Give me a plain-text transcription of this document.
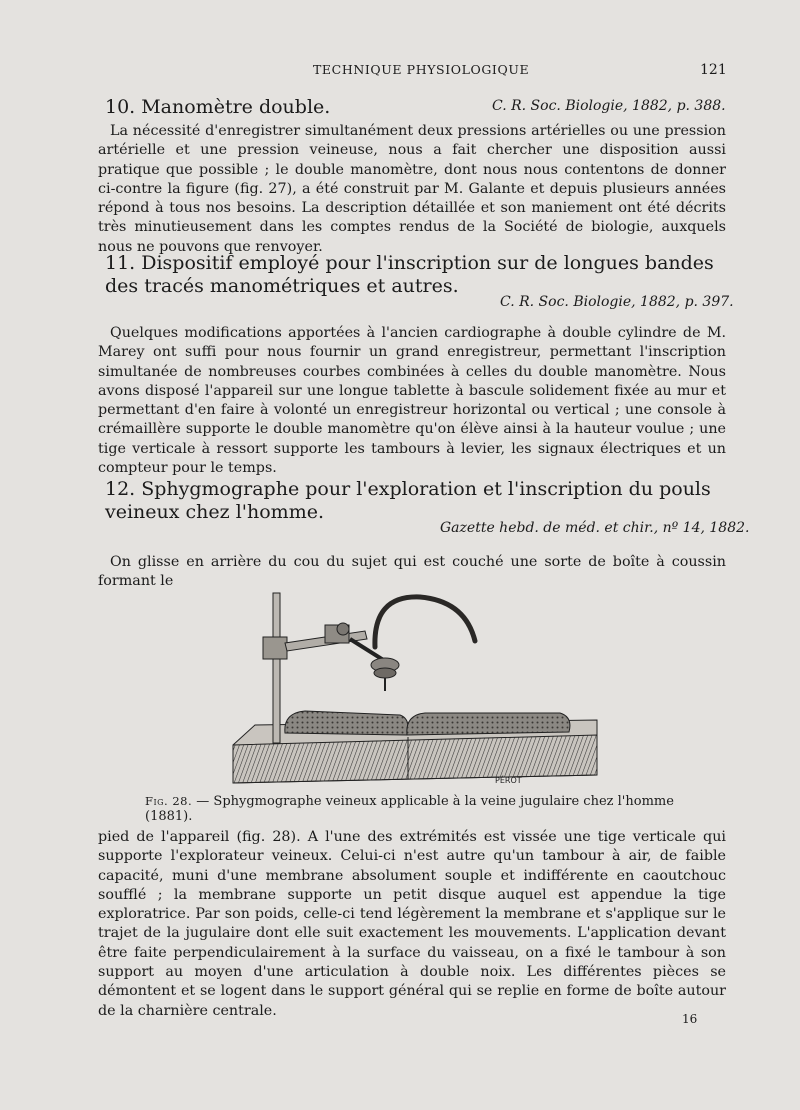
TECHNIQUE PHYSIOLOGIQUE	121
10. Manomètre double.	C. R. Soc. Biologie, 1882, p. 388.

La nécessité d'enregistrer simultanément deux pressions artérielles ou une pression artérielle et une pression veineuse, nous a fait chercher une disposition aussi pratique que possible ; le double manomètre, dont nous nous contentons de donner ci-contre la figure (fig. 27), a été construit par M. Galante et depuis plusieurs années répond à tous nos besoins. La description détaillée et son maniement ont été décrits très minutieusement dans les comptes rendus de la Société de biologie, auxquels nous ne pouvons que renvoyer.

11. Dispositif employé pour l'inscription sur de longues bandes des tracés manométriques et autres.
C. R. Soc. Biologie, 1882, p. 397.

Quelques modifications apportées à l'ancien cardiographe à double cylindre de M. Marey ont suffi pour nous fournir un grand enregistreur, permettant l'inscription simultanée de nombreuses courbes combinées à celles du double manomètre. Nous avons disposé l'appareil sur une longue tablette à bascule solidement fixée au mur et permettant d'en faire à volonté un enregistreur horizontal ou vertical ; une console à crémaillère supporte le double manomètre qu'on élève ainsi à la hauteur voulue ; une tige verticale à ressort supporte les tambours à levier, les signaux électriques et un compteur pour le temps.

12. Sphygmographe pour l'exploration et l'inscription du pouls veineux chez l'homme.
Gazette hebd. de méd. et chir., nº 14, 1882.

On glisse en arrière du cou du sujet qui est couché une sorte de boîte à coussin formant le

PÉROT
Fig. 28. — Sphygmographe veineux applicable à la veine jugulaire chez l'homme (1881).

pied de l'appareil (fig. 28). A l'une des extrémités est vissée une tige verticale qui supporte l'explorateur veineux. Celui-ci n'est autre qu'un tambour à air, de faible capacité, muni d'une membrane absolument souple et indifférente en caoutchouc soufflé ; la membrane supporte un petit disque auquel est appendue la tige exploratrice. Par son poids, celle-ci tend légèrement la membrane et s'applique sur le trajet de la jugulaire dont elle suit exactement les mouvements. L'application devant être faite perpendiculairement à la surface du vaisseau, on a fixé le tambour à son support au moyen d'une articulation à double noix. Les différentes pièces se démontent et se logent dans le support général qui se replie en forme de boîte autour de la charnière centrale.

16
